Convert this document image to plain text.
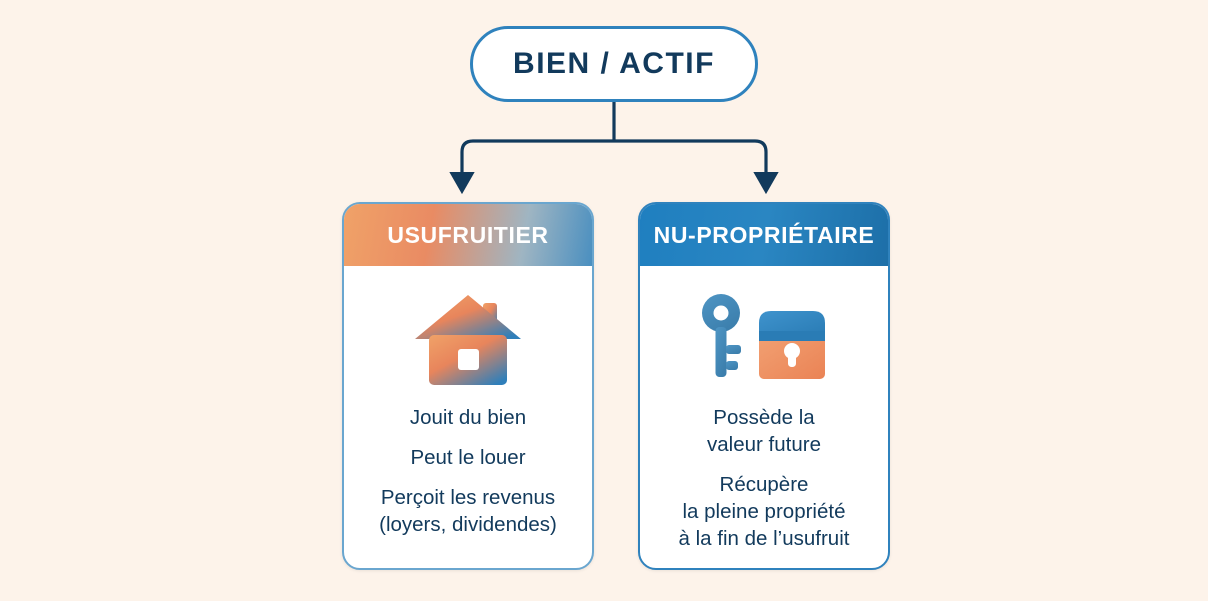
BIEN / ACTIF
USUFRUITIER
Jouit du bien
Peut le louer
Perçoit les revenus
(loyers, dividendes)
NU-PROPRIÉTAIRE
Possède la
valeur future
Récupère
la pleine propriété
à la fin de l’usufruit
